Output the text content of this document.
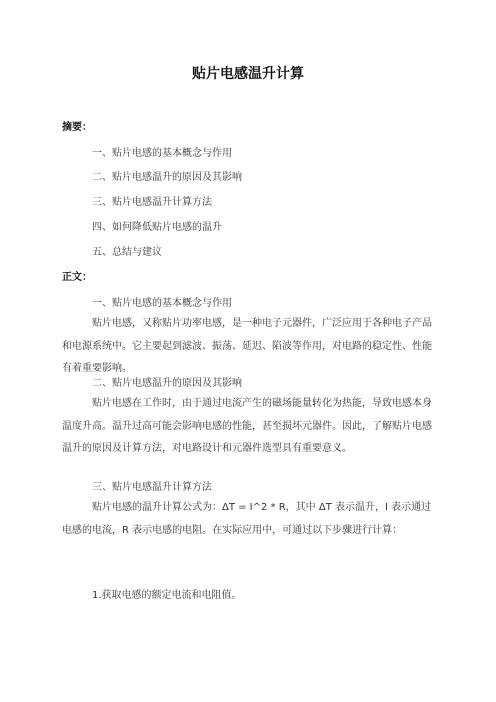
贴片电感温升计算
摘要：
一、贴片电感的基本概念与作用
二、贴片电感温升的原因及其影响
三、贴片电感温升计算方法
四、如何降低贴片电感的温升
五、总结与建议
正文：
一、贴片电感的基本概念与作用
贴片电感，又称贴片功率电感，是一种电子元器件，广泛应用于各种电子产品和电源系统中。它主要起到滤波、振荡、延迟、陷波等作用，对电路的稳定性、性能有着重要影响。
二、贴片电感温升的原因及其影响
贴片电感在工作时，由于通过电流产生的磁场能量转化为热能，导致电感本身温度升高。温升过高可能会影响电感的性能，甚至损坏元器件。因此，了解贴片电感温升的原因及计算方法，对电路设计和元器件选型具有重要意义。
三、贴片电感温升计算方法
贴片电感的温升计算公式为：ΔT = I^2 * R，其中 ΔT 表示温升，I 表示通过电感的电流，R 表示电感的电阻。在实际应用中，可通过以下步骤进行计算：
1.获取电感的额定电流和电阻值。
